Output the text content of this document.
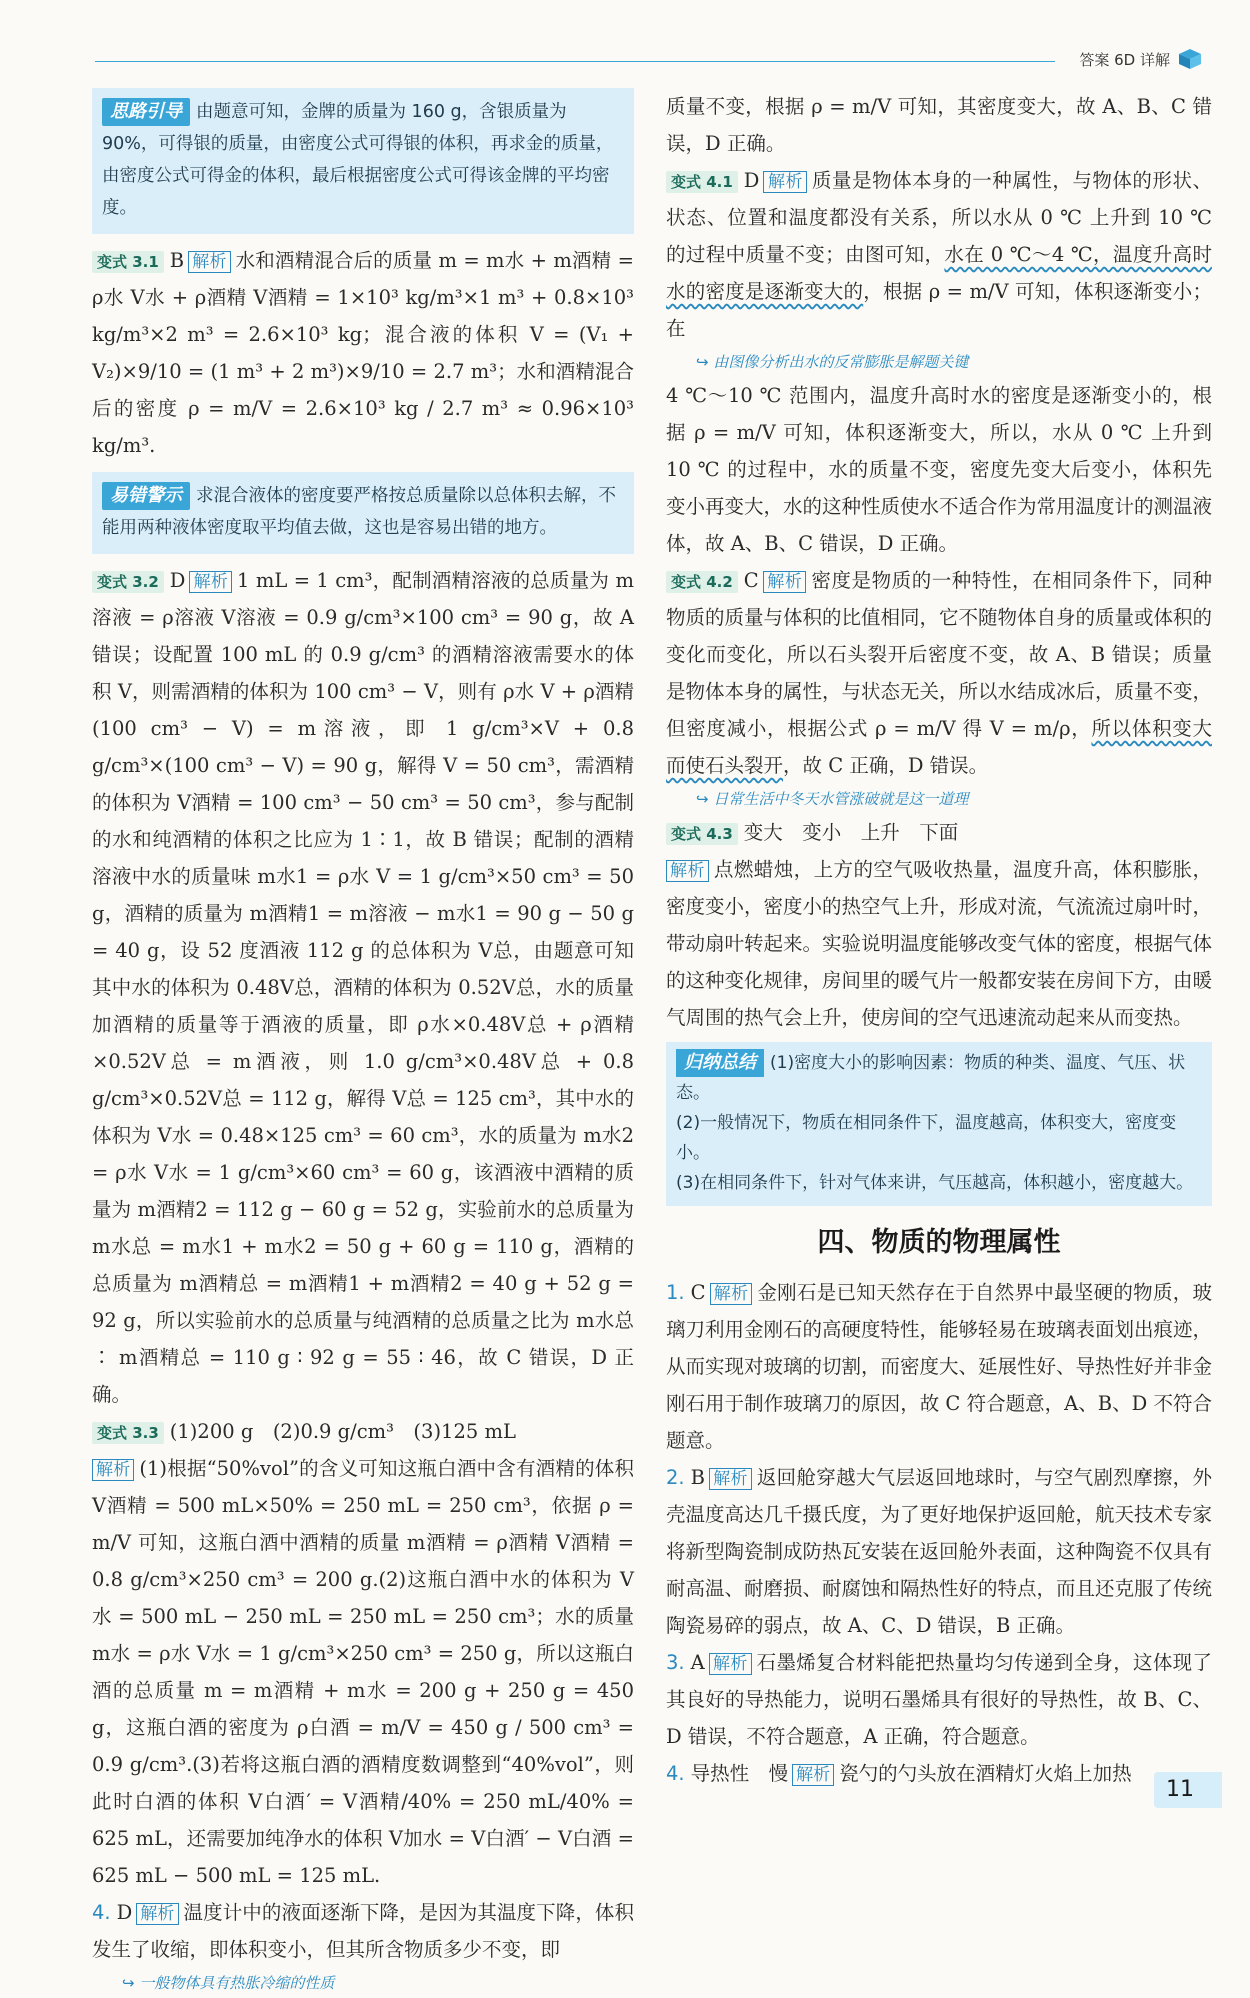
答案 6D 详解
思路引导 由题意可知，金牌的质量为 160 g，含银质量为 90%，可得银的质量，由密度公式可得银的体积，再求金的质量，由密度公式可得金的体积，最后根据密度公式可得该金牌的平均密度。

变式 3.1 B 解析 水和酒精混合后的质量 m = m水 + m酒精 = ρ水 V水 + ρ酒精 V酒精 = 1×10³ kg/m³×1 m³ + 0.8×10³ kg/m³×2 m³ = 2.6×10³ kg；混合液的体积 V = (V₁ + V₂)×9/10 = (1 m³ + 2 m³)×9/10 = 2.7 m³；水和酒精混合后的密度 ρ = m/V = 2.6×10³ kg / 2.7 m³ ≈ 0.96×10³ kg/m³.

易错警示 求混合液体的密度要严格按总质量除以总体积去解，不能用两种液体密度取平均值去做，这也是容易出错的地方。

变式 3.2 D 解析 1 mL = 1 cm³，配制酒精溶液的总质量为 m溶液 = ρ溶液 V溶液 = 0.9 g/cm³×100 cm³ = 90 g，故 A 错误；设配置 100 mL 的 0.9 g/cm³ 的酒精溶液需要水的体积 V，则需酒精的体积为 100 cm³ − V，则有 ρ水 V + ρ酒精 (100 cm³ − V) = m溶液，即 1 g/cm³×V + 0.8 g/cm³×(100 cm³ − V) = 90 g，解得 V = 50 cm³，需酒精的体积为 V酒精 = 100 cm³ − 50 cm³ = 50 cm³，参与配制的水和纯酒精的体积之比应为 1∶1，故 B 错误；配制的酒精溶液中水的质量味 m水1 = ρ水 V = 1 g/cm³×50 cm³ = 50 g，酒精的质量为 m酒精1 = m溶液 − m水1 = 90 g − 50 g = 40 g，设 52 度酒液 112 g 的总体积为 V总，由题意可知其中水的体积为 0.48V总，酒精的体积为 0.52V总，水的质量加酒精的质量等于酒液的质量，即 ρ水×0.48V总 + ρ酒精×0.52V总 = m酒液，则 1.0 g/cm³×0.48V总 + 0.8 g/cm³×0.52V总 = 112 g，解得 V总 = 125 cm³，其中水的体积为 V水 = 0.48×125 cm³ = 60 cm³，水的质量为 m水2 = ρ水 V水 = 1 g/cm³×60 cm³ = 60 g，该酒液中酒精的质量为 m酒精2 = 112 g − 60 g = 52 g，实验前水的总质量为 m水总 = m水1 + m水2 = 50 g + 60 g = 110 g，酒精的总质量为 m酒精总 = m酒精1 + m酒精2 = 40 g + 52 g = 92 g，所以实验前水的总质量与纯酒精的总质量之比为 m水总 ∶ m酒精总 = 110 g ∶ 92 g = 55 ∶ 46，故 C 错误，D 正确。

变式 3.3 (1)200 g　(2)0.9 g/cm³　(3)125 mL
解析 (1)根据“50%vol”的含义可知这瓶白酒中含有酒精的体积 V酒精 = 500 mL×50% = 250 mL = 250 cm³，依据 ρ = m/V 可知，这瓶白酒中酒精的质量 m酒精 = ρ酒精 V酒精 = 0.8 g/cm³×250 cm³ = 200 g.(2)这瓶白酒中水的体积为 V水 = 500 mL − 250 mL = 250 mL = 250 cm³；水的质量 m水 = ρ水 V水 = 1 g/cm³×250 cm³ = 250 g，所以这瓶白酒的总质量 m = m酒精 + m水 = 200 g + 250 g = 450 g，这瓶白酒的密度为 ρ白酒 = m/V = 450 g / 500 cm³ = 0.9 g/cm³.(3)若将这瓶白酒的酒精度数调整到“40%vol”，则此时白酒的体积 V白酒′ = V酒精/40% = 250 mL/40% = 625 mL，还需要加纯净水的体积 V加水 = V白酒′ − V白酒 = 625 mL − 500 mL = 125 mL.

4. D 解析 温度计中的液面逐渐下降，是因为其温度下降，体积发生了收缩，即体积变小，但其所含物质多少不变，即

↪ 一般物体具有热胀冷缩的性质

质量不变，根据 ρ = m/V 可知，其密度变大，故 A、B、C 错误，D 正确。

变式 4.1 D 解析 质量是物体本身的一种属性，与物体的形状、状态、位置和温度都没有关系，所以水从 0 ℃ 上升到 10 ℃ 的过程中质量不变；由图可知，水在 0 ℃～4 ℃，温度升高时水的密度是逐渐变大的，根据 ρ = m/V 可知，体积逐渐变小；在

↪ 由图像分析出水的反常膨胀是解题关键

4 ℃～10 ℃ 范围内，温度升高时水的密度是逐渐变小的，根据 ρ = m/V 可知，体积逐渐变大，所以，水从 0 ℃ 上升到 10 ℃ 的过程中，水的质量不变，密度先变大后变小，体积先变小再变大，水的这种性质使水不适合作为常用温度计的测温液体，故 A、B、C 错误，D 正确。

变式 4.2 C 解析 密度是物质的一种特性，在相同条件下，同种物质的质量与体积的比值相同，它不随物体自身的质量或体积的变化而变化，所以石头裂开后密度不变，故 A、B 错误；质量是物体本身的属性，与状态无关，所以水结成冰后，质量不变，但密度减小，根据公式 ρ = m/V 得 V = m/ρ，所以体积变大而使石头裂开，故 C 正确，D 错误。

↪ 日常生活中冬天水管涨破就是这一道理

变式 4.3 变大　变小　上升　下面
解析 点燃蜡烛，上方的空气吸收热量，温度升高，体积膨胀，密度变小，密度小的热空气上升，形成对流，气流流过扇叶时，带动扇叶转起来。实验说明温度能够改变气体的密度，根据气体的这种变化规律，房间里的暖气片一般都安装在房间下方，由暖气周围的热气会上升，使房间的空气迅速流动起来从而变热。

归纳总结 (1)密度大小的影响因素：物质的种类、温度、气压、状态。
(2)一般情况下，物质在相同条件下，温度越高，体积变大，密度变小。
(3)在相同条件下，针对气体来讲，气压越高，体积越小，密度越大。
四、物质的物理属性

1. C 解析 金刚石是已知天然存在于自然界中最坚硬的物质，玻璃刀利用金刚石的高硬度特性，能够轻易在玻璃表面划出痕迹，从而实现对玻璃的切割，而密度大、延展性好、导热性好并非金刚石用于制作玻璃刀的原因，故 C 符合题意，A、B、D 不符合题意。

2. B 解析 返回舱穿越大气层返回地球时，与空气剧烈摩擦，外壳温度高达几千摄氏度，为了更好地保护返回舱，航天技术专家将新型陶瓷制成防热瓦安装在返回舱外表面，这种陶瓷不仅具有耐高温、耐磨损、耐腐蚀和隔热性好的特点，而且还克服了传统陶瓷易碎的弱点，故 A、C、D 错误，B 正确。

3. A 解析 石墨烯复合材料能把热量均匀传递到全身，这体现了其良好的导热能力，说明石墨烯具有很好的导热性，故 B、C、D 错误，不符合题意，A 正确，符合题意。

4. 导热性　慢 解析 瓷勺的勺头放在酒精灯火焰上加热

11
